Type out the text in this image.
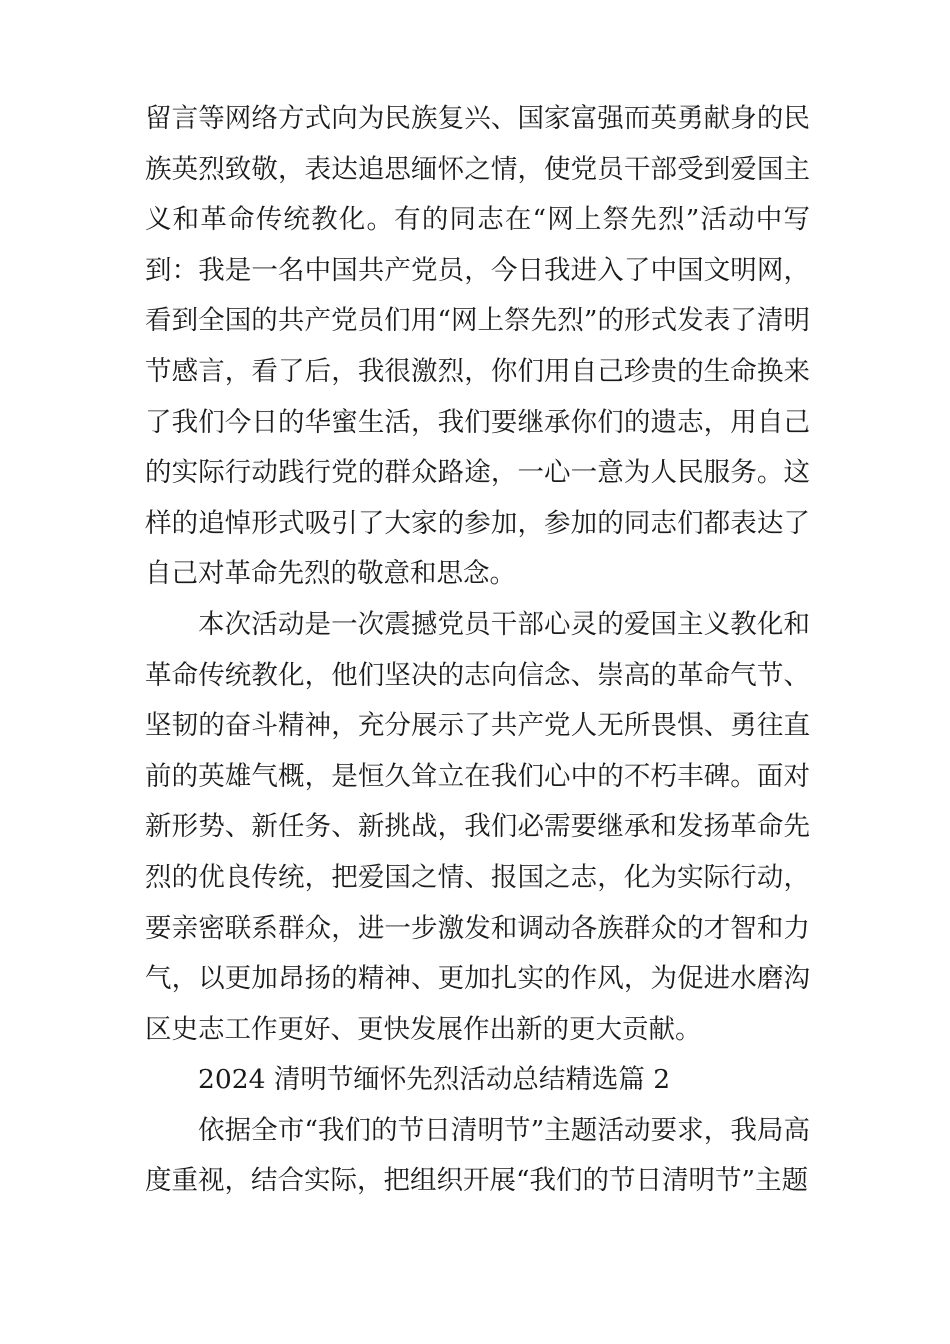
留言等网络方式向为民族复兴、国家富强而英勇献身的民族英烈致敬，表达追思缅怀之情，使党员干部受到爱国主义和革命传统教化。有的同志在“网上祭先烈”活动中写到：我是一名中国共产党员，今日我进入了中国文明网，看到全国的共产党员们用“网上祭先烈”的形式发表了清明节感言，看了后，我很激烈，你们用自己珍贵的生命换来了我们今日的华蜜生活，我们要继承你们的遗志，用自己的实际行动践行党的群众路途，一心一意为人民服务。这样的追悼形式吸引了大家的参加，参加的同志们都表达了自己对革命先烈的敬意和思念。

本次活动是一次震撼党员干部心灵的爱国主义教化和革命传统教化，他们坚决的志向信念、崇高的革命气节、坚韧的奋斗精神，充分展示了共产党人无所畏惧、勇往直前的英雄气概，是恒久耸立在我们心中的不朽丰碑。面对新形势、新任务、新挑战，我们必需要继承和发扬革命先烈的优良传统，把爱国之情、报国之志，化为实际行动，要亲密联系群众，进一步激发和调动各族群众的才智和力气，以更加昂扬的精神、更加扎实的作风，为促进水磨沟区史志工作更好、更快发展作出新的更大贡献。

2024 清明节缅怀先烈活动总结精选篇 2

依据全市“我们的节日清明节”主题活动要求，我局高度重视，结合实际，把组织开展“我们的节日清明节”主题
